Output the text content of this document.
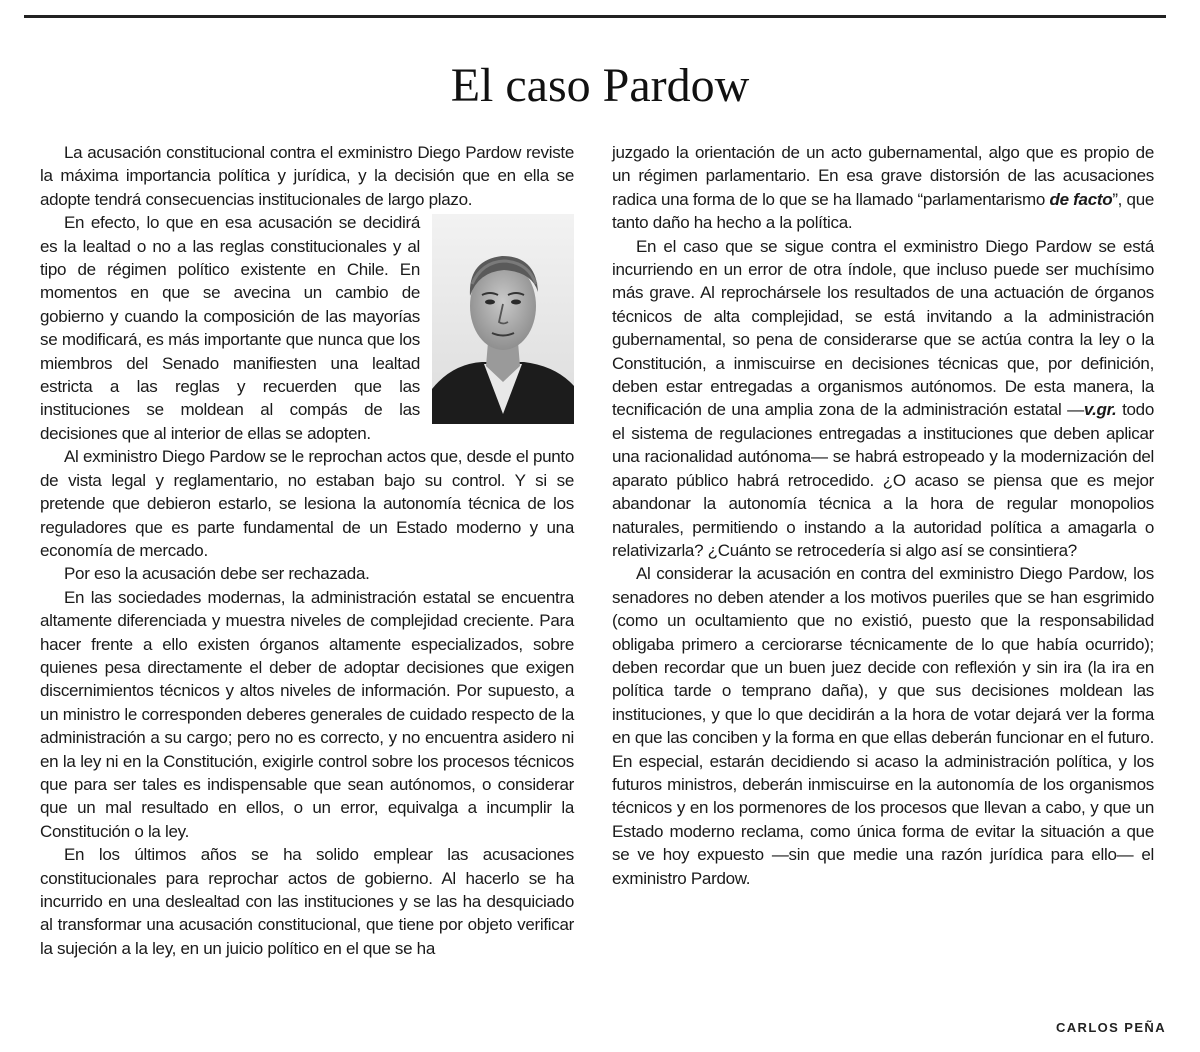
El caso Pardow

La acusación constitucional contra el exministro Diego Pardow reviste la máxima importancia política y jurídica, y la decisión que en ella se adopte tendrá consecuencias institucionales de largo plazo.

En efecto, lo que en esa acusación se decidirá es la lealtad o no a las reglas constitucionales y al tipo de régimen político existente en Chile. En momentos en que se avecina un cambio de gobierno y cuando la composición de las mayorías se modificará, es más importante que nunca que los miembros del Senado manifiesten una lealtad estricta a las reglas y recuerden que las instituciones se moldean al compás de las decisiones que al interior de ellas se adopten.

Al exministro Diego Pardow se le reprochan actos que, desde el punto de vista legal y reglamentario, no estaban bajo su control. Y si se pretende que debieron estarlo, se lesiona la autonomía técnica de los reguladores que es parte fundamental de un Estado moderno y una economía de mercado.

Por eso la acusación debe ser rechazada.

En las sociedades modernas, la administración estatal se encuentra altamente diferenciada y muestra niveles de complejidad creciente. Para hacer frente a ello existen órganos altamente especializados, sobre quienes pesa directamente el deber de adoptar decisiones que exigen discernimientos técnicos y altos niveles de información. Por supuesto, a un ministro le corresponden deberes generales de cuidado respecto de la administración a su cargo; pero no es correcto, y no encuentra asidero ni en la ley ni en la Constitución, exigirle control sobre los procesos técnicos que para ser tales es indispensable que sean autónomos, o considerar que un mal resultado en ellos, o un error, equivalga a incumplir la Constitución o la ley.

En los últimos años se ha solido emplear las acusaciones constitucionales para reprochar actos de gobierno. Al hacerlo se ha incurrido en una deslealtad con las instituciones y se las ha desquiciado al transformar una acusación constitucional, que tiene por objeto verificar la sujeción a la ley, en un juicio político en el que se ha

juzgado la orientación de un acto gubernamental, algo que es propio de un régimen parlamentario. En esa grave distorsión de las acusaciones radica una forma de lo que se ha llamado “parlamentarismo de facto”, que tanto daño ha hecho a la política.

En el caso que se sigue contra el exministro Diego Pardow se está incurriendo en un error de otra índole, que incluso puede ser muchísimo más grave. Al reprochársele los resultados de una actuación de órganos técnicos de alta complejidad, se está invitando a la administración gubernamental, so pena de considerarse que se actúa contra la ley o la Constitución, a inmiscuirse en decisiones técnicas que, por definición, deben estar entregadas a organismos autónomos. De esta manera, la tecnificación de una amplia zona de la administración estatal —v.gr. todo el sistema de regulaciones entregadas a instituciones que deben aplicar una racionalidad autónoma— se habrá estropeado y la modernización del aparato público habrá retrocedido. ¿O acaso se piensa que es mejor abandonar la autonomía técnica a la hora de regular monopolios naturales, permitiendo o instando a la autoridad política a amagarla o relativizarla? ¿Cuánto se retrocedería si algo así se consintiera?

Al considerar la acusación en contra del exministro Diego Pardow, los senadores no deben atender a los motivos pueriles que se han esgrimido (como un ocultamiento que no existió, puesto que la responsabilidad obligaba primero a cerciorarse técnicamente de lo que había ocurrido); deben recordar que un buen juez decide con reflexión y sin ira (la ira en política tarde o temprano daña), y que sus decisiones moldean las instituciones, y que lo que decidirán a la hora de votar dejará ver la forma en que las conciben y la forma en que ellas deberán funcionar en el futuro. En especial, estarán decidiendo si acaso la administración política, y los futuros ministros, deberán inmiscuirse en la autonomía de los organismos técnicos y en los pormenores de los procesos que llevan a cabo, y que un Estado moderno reclama, como única forma de evitar la situación a que se ve hoy expuesto —sin que medie una razón jurídica para ello— el exministro Pardow.

CARLOS PEÑA
